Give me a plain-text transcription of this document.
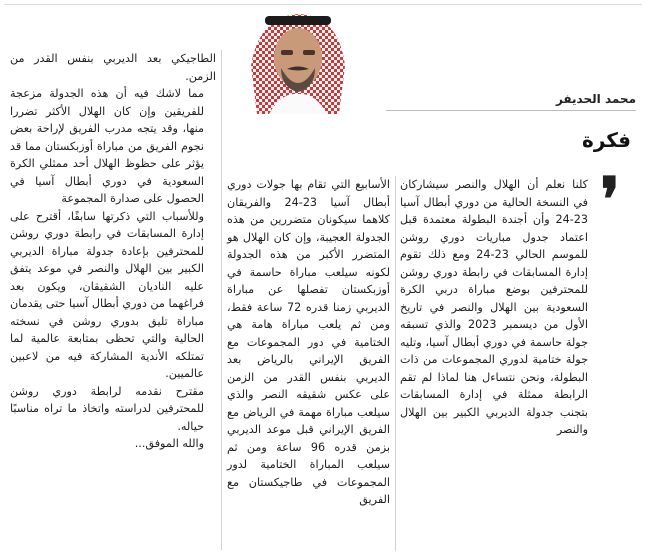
محمد الحديفر
فكرة
❜

كلنا نعلم أن الهلال والنصر سيشاركان في النسخة الحالية من دوري أبطال آسيا 23-24 وأن أجندة البطولة معتمدة قبل اعتماد جدول مباريات دوري روشن للموسم الحالي 23-24 ومع ذلك تقوم إدارة المسابقات في رابطة دوري روشن للمحترفين بوضع مباراة دربي الكرة السعودية بين الهلال والنصر في تاريخ الأول من ديسمبر 2023 والذي تسبقه جولة حاسمة في دوري أبطال آسيا، وتليه جولة ختامية لدوري المجموعات من ذات البطولة، ونحن نتساءل هنا لماذا لم تقم الرابطة ممثلة في إدارة المسابقات بتجنب جدولة الديربي الكبير بين الهلال والنصر

الأسابيع التي تقام بها جولات دوري أبطال آسيا 23-24 والفريقان كلاهما سيكونان متضررين من هذه الجدولة العجيبة، وإن كان الهلال هو المتضرر الأكبر من هذه الجدولة لكونه سيلعب مباراة حاسمة في أوزبكستان تفصلها عن مباراة الديربي زمنا قدره 72 ساعة فقط، ومن ثم يلعب مباراة هامة هي الختامية في دور المجموعات مع الفريق الإيراني بالرياض بعد الديربي بنفس القدر من الزمن على عكس شقيقه النصر والذي سيلعب مباراة مهمة في الرياض مع الفريق الإيراني قبل موعد الديربي بزمن قدره 96 ساعة ومن ثم سيلعب المباراة الختامية لدور المجموعات في طاجيكستان مع الفريق

الطاجيكي بعد الديربي بنفس القدر من الزمن.

مما لاشك فيه أن هذه الجدولة مزعجة للفريقين وإن كان الهلال الأكثر تضررا منها، وقد يتجه مدرب الفريق لإراحة بعض نجوم الفريق من مباراة أوزبكستان مما قد يؤثر على حظوظ الهلال أحد ممثلي الكرة السعودية في دوري أبطال آسيا في الحصول على صدارة المجموعة

وللأسباب التي ذكرتها سابقًا، أقترح على إدارة المسابقات في رابطة دوري روشن للمحترفين بإعادة جدولة مباراة الديربي الكبير بين الهلال والنصر في موعد يتفق عليه الناديان الشقيقان، ويكون بعد فراغهما من دوري أبطال آسيا حتى يقدمان مباراة تليق بدوري روشن في نسخته الحالية والتي تحظى بمتابعة عالمية لما تمتلكه الأندية المشاركة فيه من لاعبين عالميين.

مقترح نقدمه لرابطة دوري روشن للمحترفين لدراسته واتخاذ ما تراه مناسبًا حياله.

والله الموفق...
